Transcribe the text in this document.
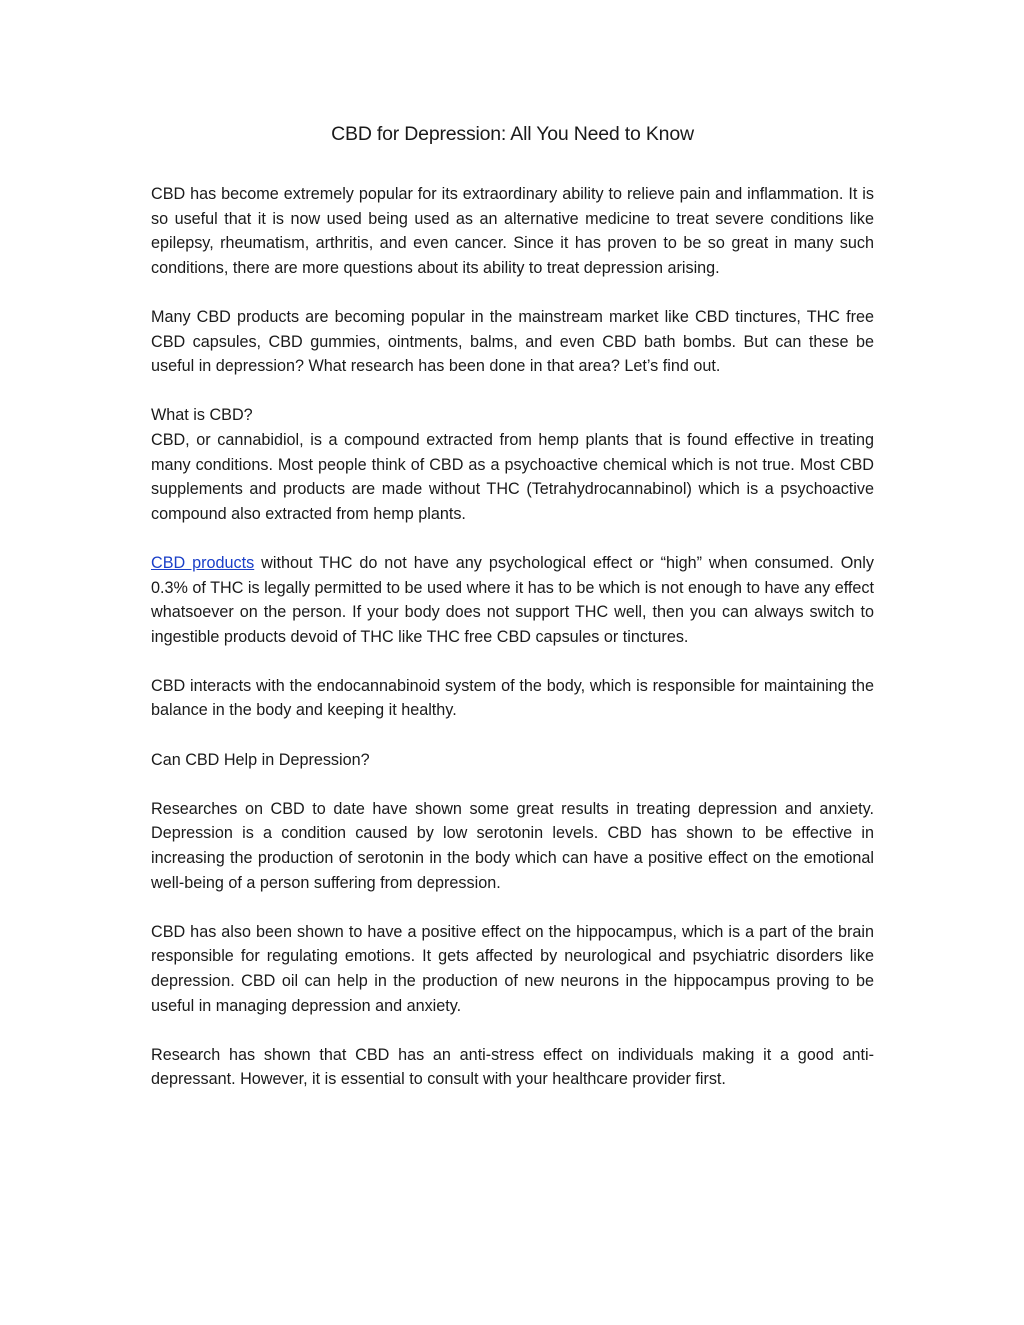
CBD for Depression: All You Need to Know

CBD has become extremely popular for its extraordinary ability to relieve pain and inflammation. It is so useful that it is now used being used as an alternative medicine to treat severe conditions like epilepsy, rheumatism, arthritis, and even cancer. Since it has proven to be so great in many such conditions, there are more questions about its ability to treat depression arising.

Many CBD products are becoming popular in the mainstream market like CBD tinctures, THC free CBD capsules, CBD gummies, ointments, balms, and even CBD bath bombs. But can these be useful in depression? What research has been done in that area? Let’s find out.

What is CBD?

CBD, or cannabidiol, is a compound extracted from hemp plants that is found effective in treating many conditions. Most people think of CBD as a psychoactive chemical which is not true. Most CBD supplements and products are made without THC (Tetrahydrocannabinol) which is a psychoactive compound also extracted from hemp plants.

CBD products without THC do not have any psychological effect or “high” when consumed. Only 0.3% of THC is legally permitted to be used where it has to be which is not enough to have any effect whatsoever on the person. If your body does not support THC well, then you can always switch to ingestible products devoid of THC like THC free CBD capsules or tinctures.

CBD interacts with the endocannabinoid system of the body, which is responsible for maintaining the balance in the body and keeping it healthy.

Can CBD Help in Depression?

Researches on CBD to date have shown some great results in treating depression and anxiety. Depression is a condition caused by low serotonin levels. CBD has shown to be effective in increasing the production of serotonin in the body which can have a positive effect on the emotional well-being of a person suffering from depression.

CBD has also been shown to have a positive effect on the hippocampus, which is a part of the brain responsible for regulating emotions. It gets affected by neurological and psychiatric disorders like depression. CBD oil can help in the production of new neurons in the hippocampus proving to be useful in managing depression and anxiety.

Research has shown that CBD has an anti-stress effect on individuals making it a good anti-depressant. However, it is essential to consult with your healthcare provider first.
